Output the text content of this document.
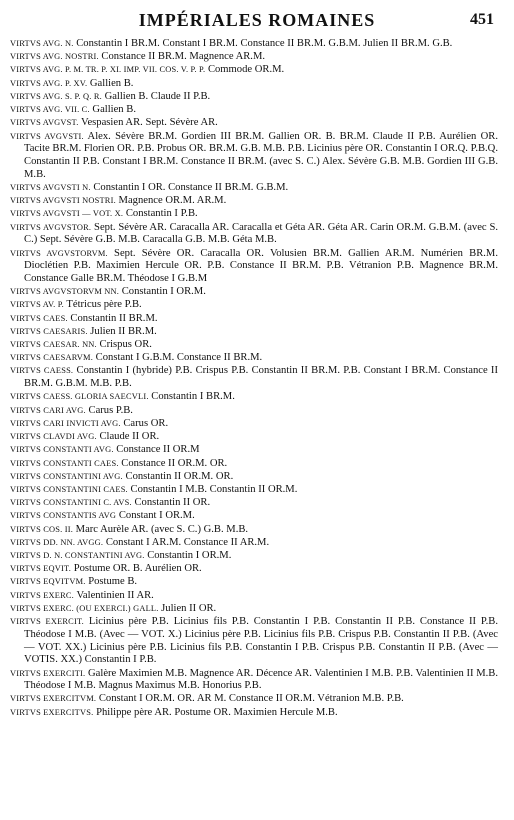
IMPÉRIALES ROMAINES	451
VIRTVS AVG. N. Constantin I BR.M. Constant I BR.M. Constance II BR.M. G.B.M. Julien II BR.M. G.B.
VIRTVS AVG. NOSTRI. Constance II BR.M. Magnence AR.M.
VIRTVS AVG. P. M. TR. P. XI. IMP. VII. COS. V. P. P. Commode OR.M.
VIRTVS AVG. P. XV. Gallien B.
VIRTVS AVG. S. P. Q. R. Gallien B. Claude II P.B.
VIRTVS AVG. VII. C. Gallien B.
VIRTVS AVGVST. Vespasien AR. Sept. Sévère AR.
VIRTVS AVGVSTI. Alex. Sévère BR.M. Gordien III BR.M. Gallien OR. B. BR.M. Claude II P.B. Aurélien OR. Tacite BR.M. Florien OR. P.B. Probus OR. BR.M. G.B. M.B. P.B. Licinius père OR. Constantin I OR.Q. P.B.Q. Constantin II P.B. Constant I BR.M. Constance II BR.M. (avec S. C.) Alex. Sévère G.B. M.B. Gordien III G.B. M.B.
VIRTVS AVGVSTI N. Constantin I OR. Constance II BR.M. G.B.M.
VIRTVS AVGVSTI NOSTRI. Magnence OR.M. AR.M.
VIRTVS AVGVSTI — VOT. X. Constantin I P.B.
VIRTVS AVGVSTOR. Sept. Sévère AR. Caracalla AR. Caracalla et Géta AR. Géta AR. Carin OR.M. G.B.M. (avec S. C.) Sept. Sévère G.B. M.B. Caracalla G.B. M.B. Géta M.B.
VIRTVS AVGVSTORVM. Sept. Sévère OR. Caracalla OR. Volusien BR.M. Gallien AR.M. Numérien BR.M. Dioclétien P.B. Maximien Hercule OR. P.B. Constance II BR.M. P.B. Vétranion P.B. Magnence BR.M. Constance Galle BR.M. Théodose I G.B.M
VIRTVS AVGVSTORVM NN. Constantin I OR.M.
VIRTVS AV. P. Tétricus père P.B.
VIRTVS CAES. Constantin II BR.M.
VIRTVS CAESARIS. Julien II BR.M.
VIRTVS CAESAR. NN. Crispus OR.
VIRTVS CAESARVM. Constant I G.B.M. Constance II BR.M.
VIRTVS CAESS. Constantin I (hybride) P.B. Crispus P.B. Constantin II BR.M. P.B. Constant I BR.M. Constance II BR.M. G.B.M. M.B. P.B.
VIRTVS CAESS. GLORIA SAECVLI. Constantin I BR.M.
VIRTVS CARI AVG. Carus P.B.
VIRTVS CARI INVICTI AVG. Carus OR.
VIRTVS CLAVDI AVG. Claude II OR.
VIRTVS CONSTANTI AVG. Constance II OR.M
VIRTVS CONSTANTI CAES. Constance II OR.M. OR.
VIRTVS CONSTANTINI AVG. Constantin II OR.M. OR.
VIRTVS CONSTANTINI CAES. Constantin I M.B. Constantin II OR.M.
VIRTVS CONSTANTINI C. AVS. Constantin II OR.
VIRTVS CONSTANTIS AVG Constant I OR.M.
VIRTVS COS. II. Marc Aurèle AR. (avec S. C.) G.B. M.B.
VIRTVS DD. NN. AVGG. Constant I AR.M. Constance II AR.M.
VIRTVS D. N. CONSTANTINI AVG. Constantin I OR.M.
VIRTVS EQVIT. Postume OR. B. Aurélien OR.
VIRTVS EQVITVM. Postume B.
VIRTVS EXERC. Valentinien II AR.
VIRTVS EXERC. (OU EXERCI.) GALL. Julien II OR.
VIRTVS EXERCIT. Licinius père P.B. Licinius fils P.B. Constantin I P.B. Constantin II P.B. Constance II P.B. Théodose I M.B. (Avec — VOT. X.) Licinius père P.B. Licinius fils P.B. Crispus P.B. Constantin II P.B. (Avec — VOT. XX.) Licinius père P.B. Licinius fils P.B. Constantin I P.B. Crispus P.B. Constantin II P.B. (Avec — VOTIS. XX.) Constantin I P.B.
VIRTVS EXERCITI. Galère Maximien M.B. Magnence AR. Décence AR. Valentinien I M.B. P.B. Valentinien II M.B. Théodose I M.B. Magnus Maximus M.B. Honorius P.B.
VIRTVS EXERCITVM. Constant I OR.M. OR. AR M. Constance II OR.M. Vétranion M.B. P.B.
VIRTVS EXERCITVS. Philippe père AR. Postume OR. Maximien Hercule M.B.
